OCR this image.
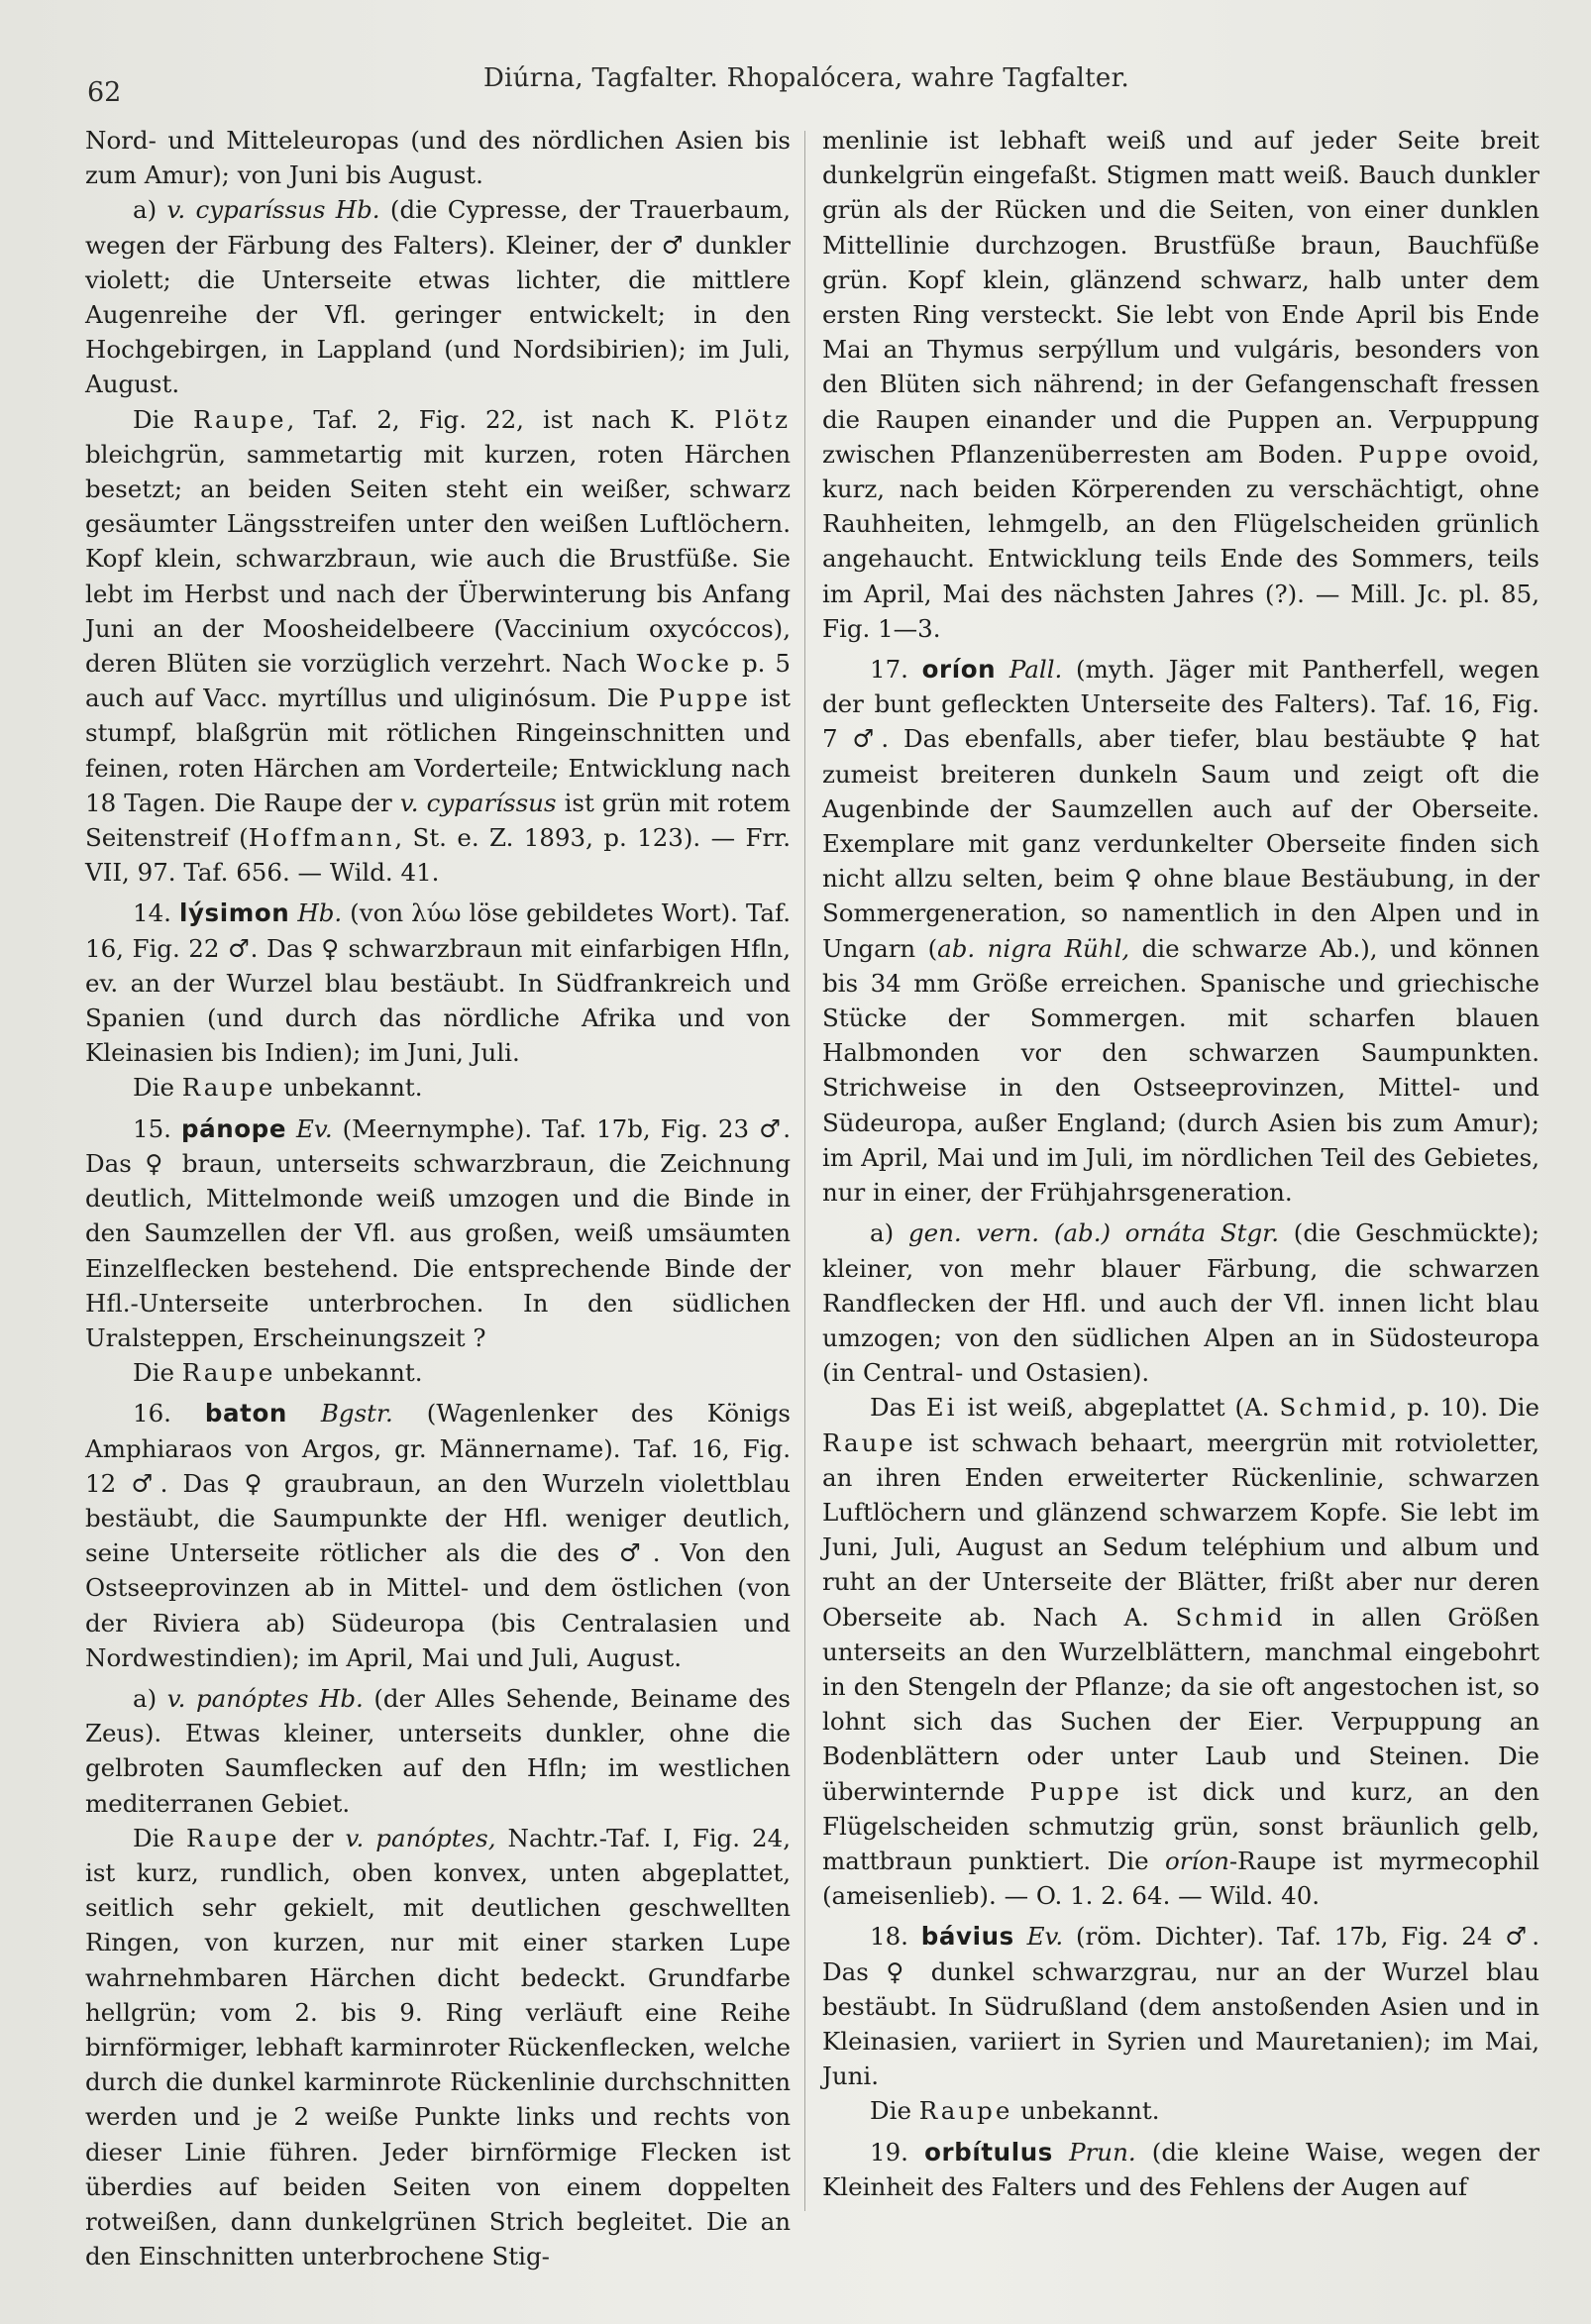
62	Diúrna, Tagfalter. Rhopalócera, wahre Tagfalter.

Nord- und Mitteleuropas (und des nördlichen Asien bis zum Amur); von Juni bis August.

a) v. cyparíssus Hb. (die Cypresse, der Trauerbaum, wegen der Färbung des Falters). Kleiner, der ♂ dunkler violett; die Unterseite etwas lichter, die mittlere Augenreihe der Vfl. geringer entwickelt; in den Hochgebirgen, in Lappland (und Nordsibirien); im Juli, August.

Die Raupe, Taf. 2, Fig. 22, ist nach K. Plötz bleichgrün, sammetartig mit kurzen, roten Härchen besetzt; an beiden Seiten steht ein weißer, schwarz gesäumter Längsstreifen unter den weißen Luftlöchern. Kopf klein, schwarzbraun, wie auch die Brustfüße. Sie lebt im Herbst und nach der Überwinterung bis Anfang Juni an der Moosheidelbeere (Vaccinium oxycóccos), deren Blüten sie vorzüglich verzehrt. Nach Wocke p. 5 auch auf Vacc. myrtíllus und uliginósum. Die Puppe ist stumpf, blaßgrün mit rötlichen Ringeinschnitten und feinen, roten Härchen am Vorderteile; Entwicklung nach 18 Tagen. Die Raupe der v. cyparíssus ist grün mit rotem Seitenstreif (Hoffmann, St. e. Z. 1893, p. 123). — Frr. VII, 97. Taf. 656. — Wild. 41.

14. lýsimon Hb. (von λύω löse gebildetes Wort). Taf. 16, Fig. 22 ♂. Das ♀ schwarzbraun mit einfarbigen Hfln, ev. an der Wurzel blau bestäubt. In Südfrankreich und Spanien (und durch das nördliche Afrika und von Kleinasien bis Indien); im Juni, Juli.

Die Raupe unbekannt.

15. pánope Ev. (Meernymphe). Taf. 17b, Fig. 23 ♂. Das ♀ braun, unterseits schwarzbraun, die Zeichnung deutlich, Mittelmonde weiß umzogen und die Binde in den Saumzellen der Vfl. aus großen, weiß umsäumten Einzelflecken bestehend. Die entsprechende Binde der Hfl.-Unterseite unterbrochen. In den südlichen Uralsteppen, Erscheinungszeit ?

Die Raupe unbekannt.

16. baton Bgstr. (Wagenlenker des Königs Amphiaraos von Argos, gr. Männername). Taf. 16, Fig. 12 ♂. Das ♀ graubraun, an den Wurzeln violettblau bestäubt, die Saumpunkte der Hfl. weniger deutlich, seine Unterseite rötlicher als die des ♂. Von den Ostseeprovinzen ab in Mittel- und dem östlichen (von der Riviera ab) Südeuropa (bis Centralasien und Nordwestindien); im April, Mai und Juli, August.

a) v. panóptes Hb. (der Alles Sehende, Beiname des Zeus). Etwas kleiner, unterseits dunkler, ohne die gelbroten Saumflecken auf den Hfln; im westlichen mediterranen Gebiet.

Die Raupe der v. panóptes, Nachtr.-Taf. I, Fig. 24, ist kurz, rundlich, oben konvex, unten abgeplattet, seitlich sehr gekielt, mit deutlichen geschwellten Ringen, von kurzen, nur mit einer starken Lupe wahrnehmbaren Härchen dicht bedeckt. Grundfarbe hellgrün; vom 2. bis 9. Ring verläuft eine Reihe birnförmiger, lebhaft karminroter Rückenflecken, welche durch die dunkel karminrote Rückenlinie durchschnitten werden und je 2 weiße Punkte links und rechts von dieser Linie führen. Jeder birnförmige Flecken ist überdies auf beiden Seiten von einem doppelten rotweißen, dann dunkelgrünen Strich begleitet. Die an den Einschnitten unterbrochene Stig-

menlinie ist lebhaft weiß und auf jeder Seite breit dunkelgrün eingefaßt. Stigmen matt weiß. Bauch dunkler grün als der Rücken und die Seiten, von einer dunklen Mittellinie durchzogen. Brustfüße braun, Bauchfüße grün. Kopf klein, glänzend schwarz, halb unter dem ersten Ring versteckt. Sie lebt von Ende April bis Ende Mai an Thymus serpýllum und vulgáris, besonders von den Blüten sich nährend; in der Gefangenschaft fressen die Raupen einander und die Puppen an. Verpuppung zwischen Pflanzenüberresten am Boden. Puppe ovoid, kurz, nach beiden Körperenden zu verschächtigt, ohne Rauhheiten, lehmgelb, an den Flügelscheiden grünlich angehaucht. Entwicklung teils Ende des Sommers, teils im April, Mai des nächsten Jahres (?). — Mill. Jc. pl. 85, Fig. 1—3.

17. oríon Pall. (myth. Jäger mit Pantherfell, wegen der bunt gefleckten Unterseite des Falters). Taf. 16, Fig. 7 ♂. Das ebenfalls, aber tiefer, blau bestäubte ♀ hat zumeist breiteren dunkeln Saum und zeigt oft die Augenbinde der Saumzellen auch auf der Oberseite. Exemplare mit ganz verdunkelter Oberseite finden sich nicht allzu selten, beim ♀ ohne blaue Bestäubung, in der Sommergeneration, so namentlich in den Alpen und in Ungarn (ab. nigra Rühl, die schwarze Ab.), und können bis 34 mm Größe erreichen. Spanische und griechische Stücke der Sommergen. mit scharfen blauen Halbmonden vor den schwarzen Saumpunkten. Strichweise in den Ostseeprovinzen, Mittel- und Südeuropa, außer England; (durch Asien bis zum Amur); im April, Mai und im Juli, im nördlichen Teil des Gebietes, nur in einer, der Frühjahrsgeneration.

a) gen. vern. (ab.) ornáta Stgr. (die Geschmückte); kleiner, von mehr blauer Färbung, die schwarzen Randflecken der Hfl. und auch der Vfl. innen licht blau umzogen; von den südlichen Alpen an in Südosteuropa (in Central- und Ostasien).

Das Ei ist weiß, abgeplattet (A. Schmid, p. 10). Die Raupe ist schwach behaart, meergrün mit rotvioletter, an ihren Enden erweiterter Rückenlinie, schwarzen Luftlöchern und glänzend schwarzem Kopfe. Sie lebt im Juni, Juli, August an Sedum teléphium und album und ruht an der Unterseite der Blätter, frißt aber nur deren Oberseite ab. Nach A. Schmid in allen Größen unterseits an den Wurzelblättern, manchmal eingebohrt in den Stengeln der Pflanze; da sie oft angestochen ist, so lohnt sich das Suchen der Eier. Verpuppung an Bodenblättern oder unter Laub und Steinen. Die überwinternde Puppe ist dick und kurz, an den Flügelscheiden schmutzig grün, sonst bräunlich gelb, mattbraun punktiert. Die oríon-Raupe ist myrmecophil (ameisenlieb). — O. 1. 2. 64. — Wild. 40.

18. bávius Ev. (röm. Dichter). Taf. 17b, Fig. 24 ♂. Das ♀ dunkel schwarzgrau, nur an der Wurzel blau bestäubt. In Südrußland (dem anstoßenden Asien und in Kleinasien, variiert in Syrien und Mauretanien); im Mai, Juni.

Die Raupe unbekannt.

19. orbítulus Prun. (die kleine Waise, wegen der Kleinheit des Falters und des Fehlens der Augen auf
